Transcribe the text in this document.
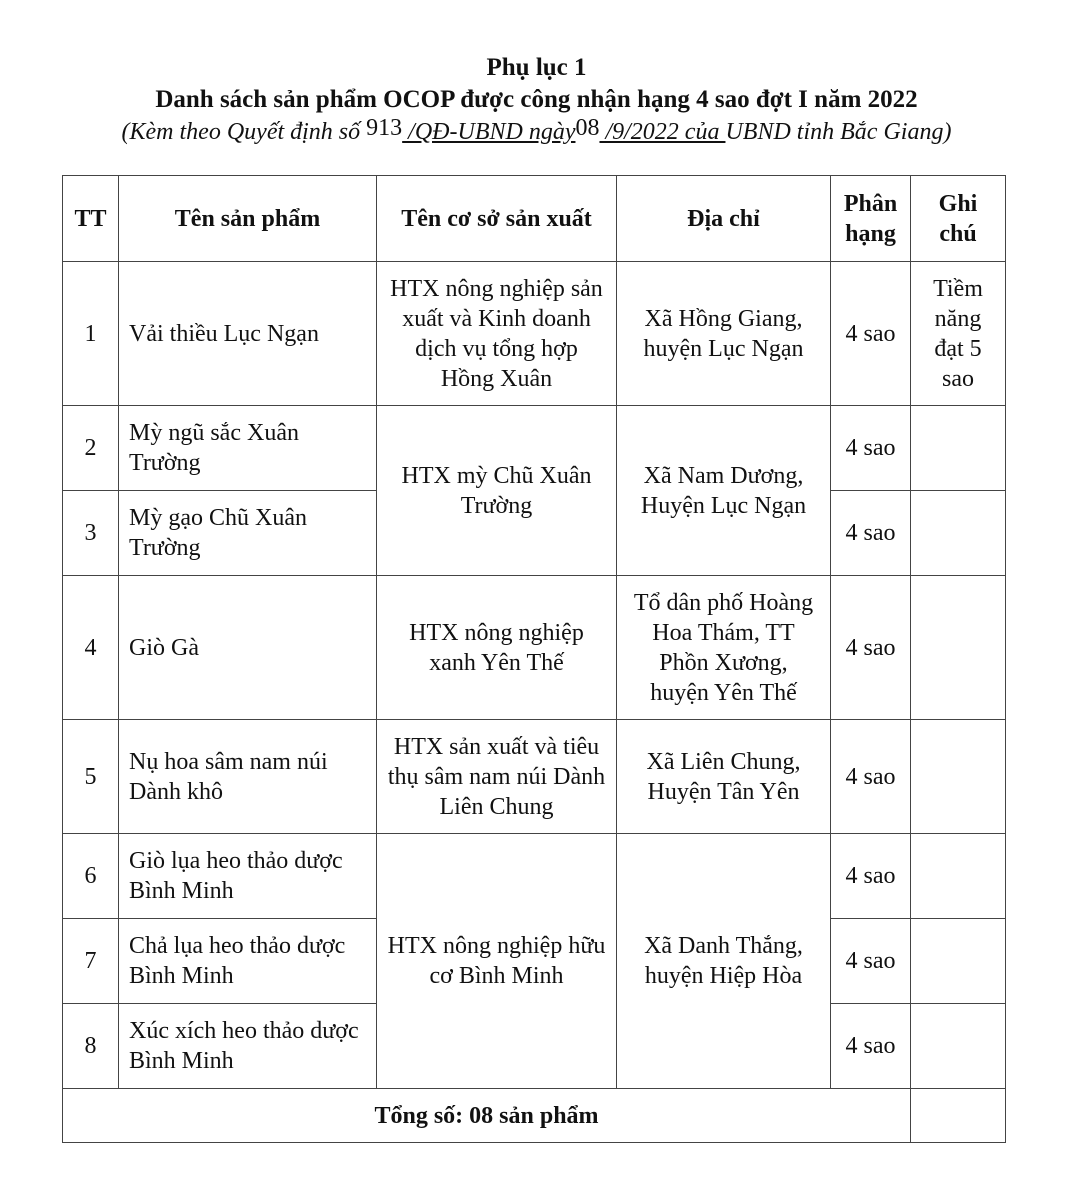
Phụ lục 1
Danh sách sản phẩm OCOP được công nhận hạng 4 sao đợt I năm 2022
(Kèm theo Quyết định số 913 /QĐ-UBND ngày08 /9/2022 của UBND tỉnh Bắc Giang)
TT	Tên sản phẩm	Tên cơ sở sản xuất	Địa chỉ	Phân hạng	Ghi chú
1	Vải thiều Lục Ngạn	HTX nông nghiệp sản xuất và Kinh doanh dịch vụ tổng hợp Hồng Xuân	Xã Hồng Giang, huyện Lục Ngạn	4 sao	Tiềm năng đạt 5 sao
2	Mỳ ngũ sắc Xuân Trường	HTX mỳ Chũ Xuân Trường	Xã Nam Dương, Huyện Lục Ngạn	4 sao	
3	Mỳ gạo Chũ Xuân Trường			4 sao	
4	Giò Gà	HTX nông nghiệp xanh Yên Thế	Tổ dân phố Hoàng Hoa Thám, TT Phồn Xương, huyện Yên Thế	4 sao	
5	Nụ hoa sâm nam núi Dành khô	HTX sản xuất và tiêu thụ sâm nam núi Dành Liên Chung	Xã Liên Chung, Huyện Tân Yên	4 sao	
6	Giò lụa heo thảo dược Bình Minh	HTX nông nghiệp hữu cơ Bình Minh	Xã Danh Thắng, huyện Hiệp Hòa	4 sao	
7	Chả lụa heo thảo dược Bình Minh			4 sao	
8	Xúc xích heo thảo dược Bình Minh			4 sao	
Tổng số: 08 sản phẩm					
